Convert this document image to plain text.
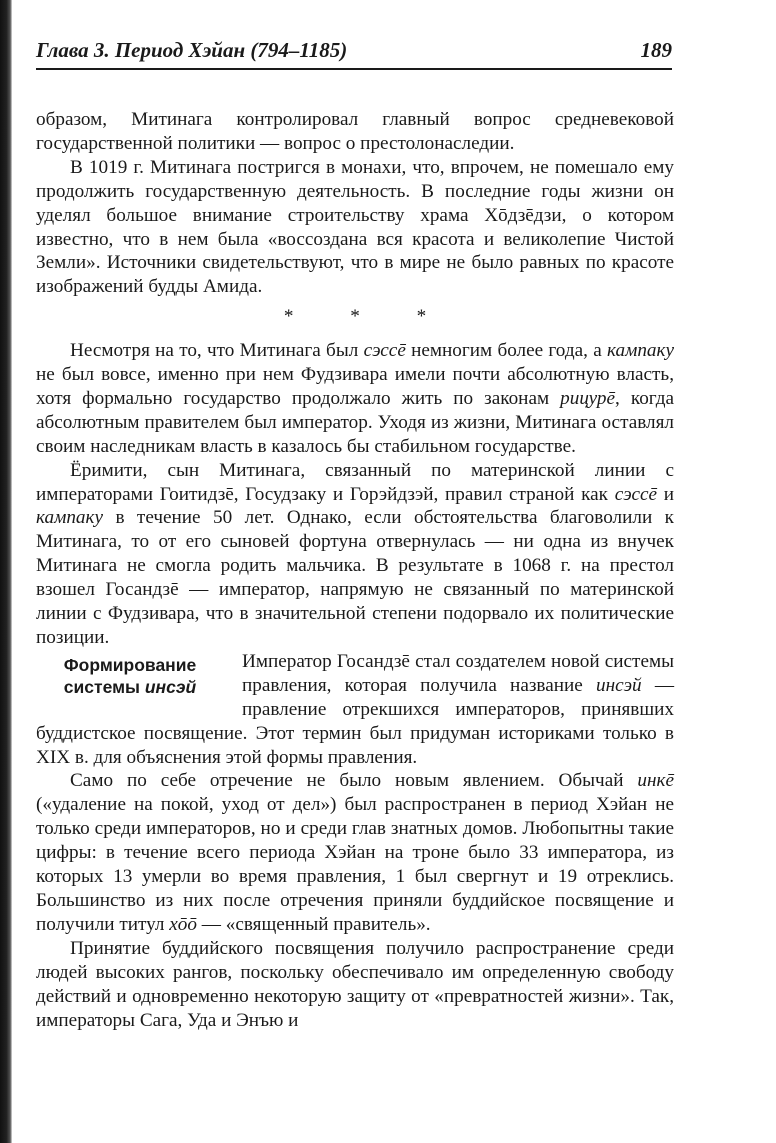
Глава 3. Период Хэйан (794–1185)	189

образом, Митинага контролировал главный вопрос средневековой государственной политики — вопрос о престолонаследии.

В 1019 г. Митинага постригся в монахи, что, впрочем, не помешало ему продолжить государственную деятельность. В последние годы жизни он уделял большое внимание строительству храма Хōдзēдзи, о котором известно, что в нем была «воссоздана вся красота и великолепие Чистой Земли». Источники свидетельствуют, что в мире не было равных по красоте изображений будды Амида.

* * *

Несмотря на то, что Митинага был сэссē немногим более года, а кампаку не был вовсе, именно при нем Фудзивара имели почти абсолютную власть, хотя формально государство продолжало жить по законам рицурē, когда абсолютным правителем был император. Уходя из жизни, Митинага оставлял своим наследникам власть в казалось бы стабильном государстве.

Ёримити, сын Митинага, связанный по материнской линии с императорами Гоитидзē, Госудзаку и Горэйдзэй, правил страной как сэссē и кампаку в течение 50 лет. Однако, если обстоятельства благоволили к Митинага, то от его сыновей фортуна отвернулась — ни одна из внучек Митинага не смогла родить мальчика. В результате в 1068 г. на престол взошел Госандзē — император, напрямую не связанный по материнской линии с Фудзивара, что в значительной степени подорвало их политические позиции.

Формирование
системы инсэй

Император Госандзē стал создателем новой системы правления, которая получила название инсэй — правление отрекшихся императоров, принявших буддистское посвящение. Этот термин был придуман историками только в XIX в. для объяснения этой формы правления.

Само по себе отречение не было новым явлением. Обычай инкē («удаление на покой, уход от дел») был распространен в период Хэйан не только среди императоров, но и среди глав знатных домов. Любопытны такие цифры: в течение всего периода Хэйан на троне было 33 императора, из которых 13 умерли во время правления, 1 был свергнут и 19 отреклись. Большинство из них после отречения приняли буддийское посвящение и получили титул хōō — «священный правитель».

Принятие буддийского посвящения получило распространение среди людей высоких рангов, поскольку обеспечивало им определенную свободу действий и одновременно некоторую защиту от «превратностей жизни». Так, императоры Сага, Уда и Энъю и
